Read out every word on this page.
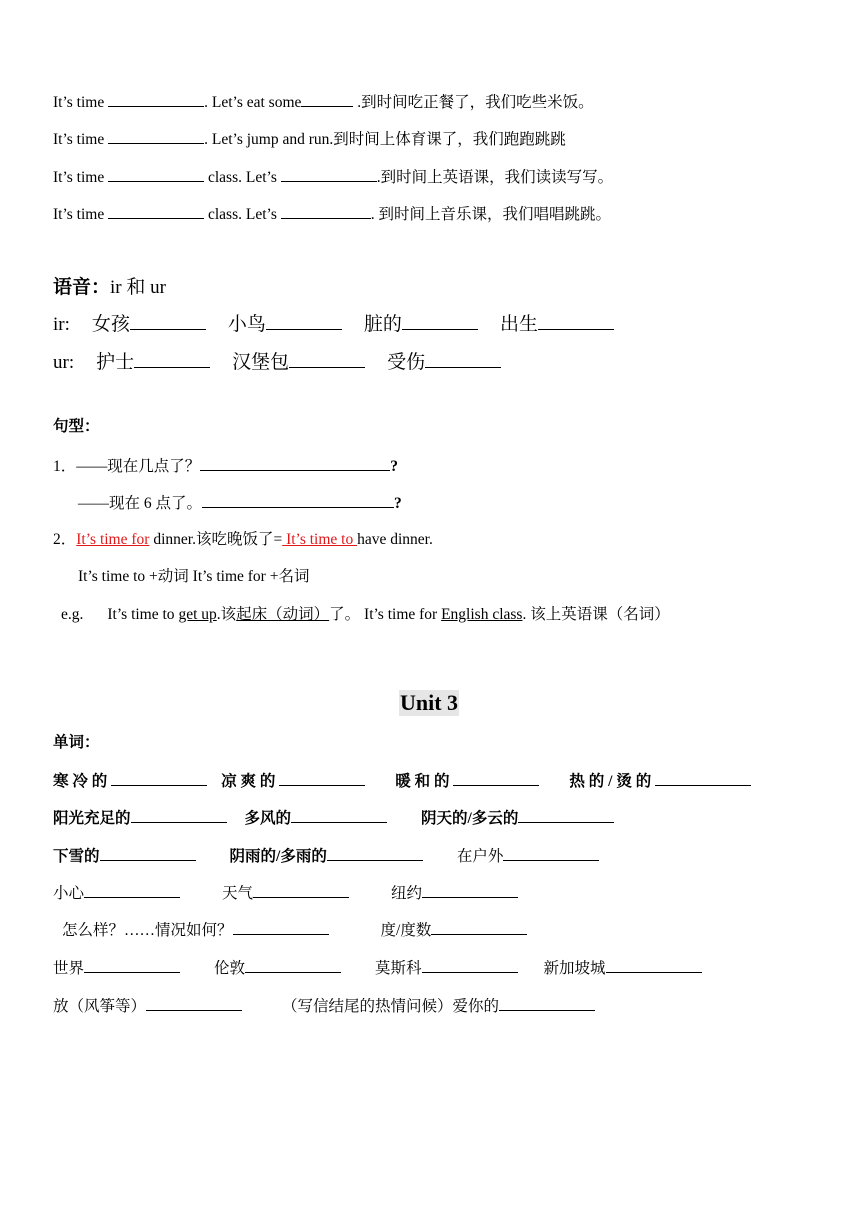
It’s time	. Let’s eat some	.到时间吃正餐了，我们吃些米饭。
It’s time	. Let’s jump and run.到时间上体育课了，我们跑跑跳跳
It’s time	class. Let’s	.到时间上英语课，我们读读写写。
It’s time	class. Let’s	. 到时间上音乐课，我们唱唱跳跳。
语音：ir 和 ur
ir: 女孩	小鸟	脏的	出生
ur: 护士	汉堡包	受伤
句型：
1．——现在几点了？	?
——现在 6 点了。	?
2．It’s time for dinner.该吃晚饭了= It’s time to have dinner.
It’s time to +动词 It’s time for +名词
e.g. It’s time to get up.该起床（动词）了。 It’s time for English class. 该上英语课（名词）
Unit 3
单词：
寒 冷 的	凉 爽 的	暖 和 的	热 的 / 烫 的
阳光充足的	多风的	阴天的/多云的
下雪的	阴雨的/多雨的	在户外
小心	天气	纽约
怎么样？……情况如何？	度/度数
世界	伦敦	莫斯科	新加坡城
放（风筝等）	（写信结尾的热情问候）爱你的
